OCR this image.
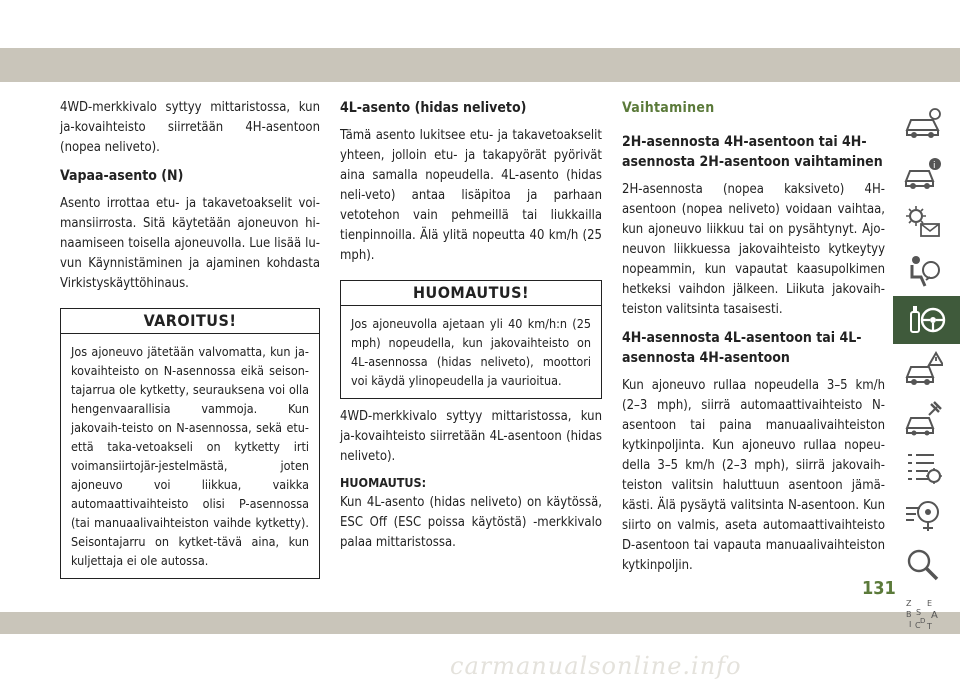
4WD-merkkivalo syttyy mittaristossa, kun ja-kovaihteisto siirretään 4H-asentoon (nopea neliveto).

Vapaa-asento (N)

Asento irrottaa etu- ja takavetoakselit voi-mansiirrosta. Sitä käytetään ajoneuvon hi-naamiseen toisella ajoneuvolla. Lue lisää lu-vun Käynnistäminen ja ajaminen kohdasta Virkistyskäyttöhinaus.

VAROITUS!
Jos ajoneuvo jätetään valvomatta, kun ja-kovaihteisto on N-asennossa eikä seison-tajarrua ole kytketty, seurauksena voi olla hengenvaarallisia vammoja. Kun jakovaih-teisto on N-asennossa, sekä etu- että taka-vetoakseli on kytketty irti voimansiirtojär-jestelmästä, joten ajoneuvo voi liikkua, vaikka automaattivaihteisto olisi P-asennossa (tai manuaalivaihteiston vaihde kytketty). Seisontajarru on kytket-tävä aina, kun kuljettaja ei ole autossa.
4L-asento (hidas neliveto)

Tämä asento lukitsee etu- ja takavetoakselit yhteen, jolloin etu- ja takapyörät pyörivät aina samalla nopeudella. 4L-asento (hidas neli-veto) antaa lisäpitoa ja parhaan vetotehon vain pehmeillä tai liukkailla tienpinnoilla. Älä ylitä nopeutta 40 km/h (25 mph).

HUOMAUTUS!
Jos ajoneuvolla ajetaan yli 40 km/h:n (25 mph) nopeudella, kun jakovaihteisto on 4L-asennossa (hidas neliveto), moottori voi käydä ylinopeudella ja vaurioitua.

4WD-merkkivalo syttyy mittaristossa, kun ja-kovaihteisto siirretään 4L-asentoon (hidas neliveto).

HUOMAUTUS:

Kun 4L-asento (hidas neliveto) on käytössä, ESC Off (ESC poissa käytöstä) -merkkivalo palaa mittaristossa.

Vaihtaminen
2H-asennosta 4H-asentoon tai 4H-asennosta 2H-asentoon vaihtaminen

2H-asennosta (nopea kaksiveto) 4H-asentoon (nopea neliveto) voidaan vaihtaa, kun ajoneuvo liikkuu tai on pysähtynyt. Ajo-neuvon liikkuessa jakovaihteisto kytkeytyy nopeammin, kun vapautat kaasupolkimen hetkeksi vaihdon jälkeen. Liikuta jakovaih-teiston valitsinta tasaisesti.

4H-asennosta 4L-asentoon tai 4L-asennosta 4H-asentoon

Kun ajoneuvo rullaa nopeudella 3–5 km/h (2–3 mph), siirrä automaattivaihteisto N-asentoon tai paina manuaalivaihteiston kytkinpoljinta. Kun ajoneuvo rullaa nopeu-della 3–5 km/h (2–3 mph), siirrä jakovaih-teiston valitsin haluttuun asentoon jämä-kästi. Älä pysäytä valitsinta N-asentoon. Kun siirto on valmis, aseta automaattivaihteisto D-asentoon tai vapauta manuaalivaihteiston kytkinpoljin.

i
Z E
B S A
I C T
D
131
carmanualsonline.info
